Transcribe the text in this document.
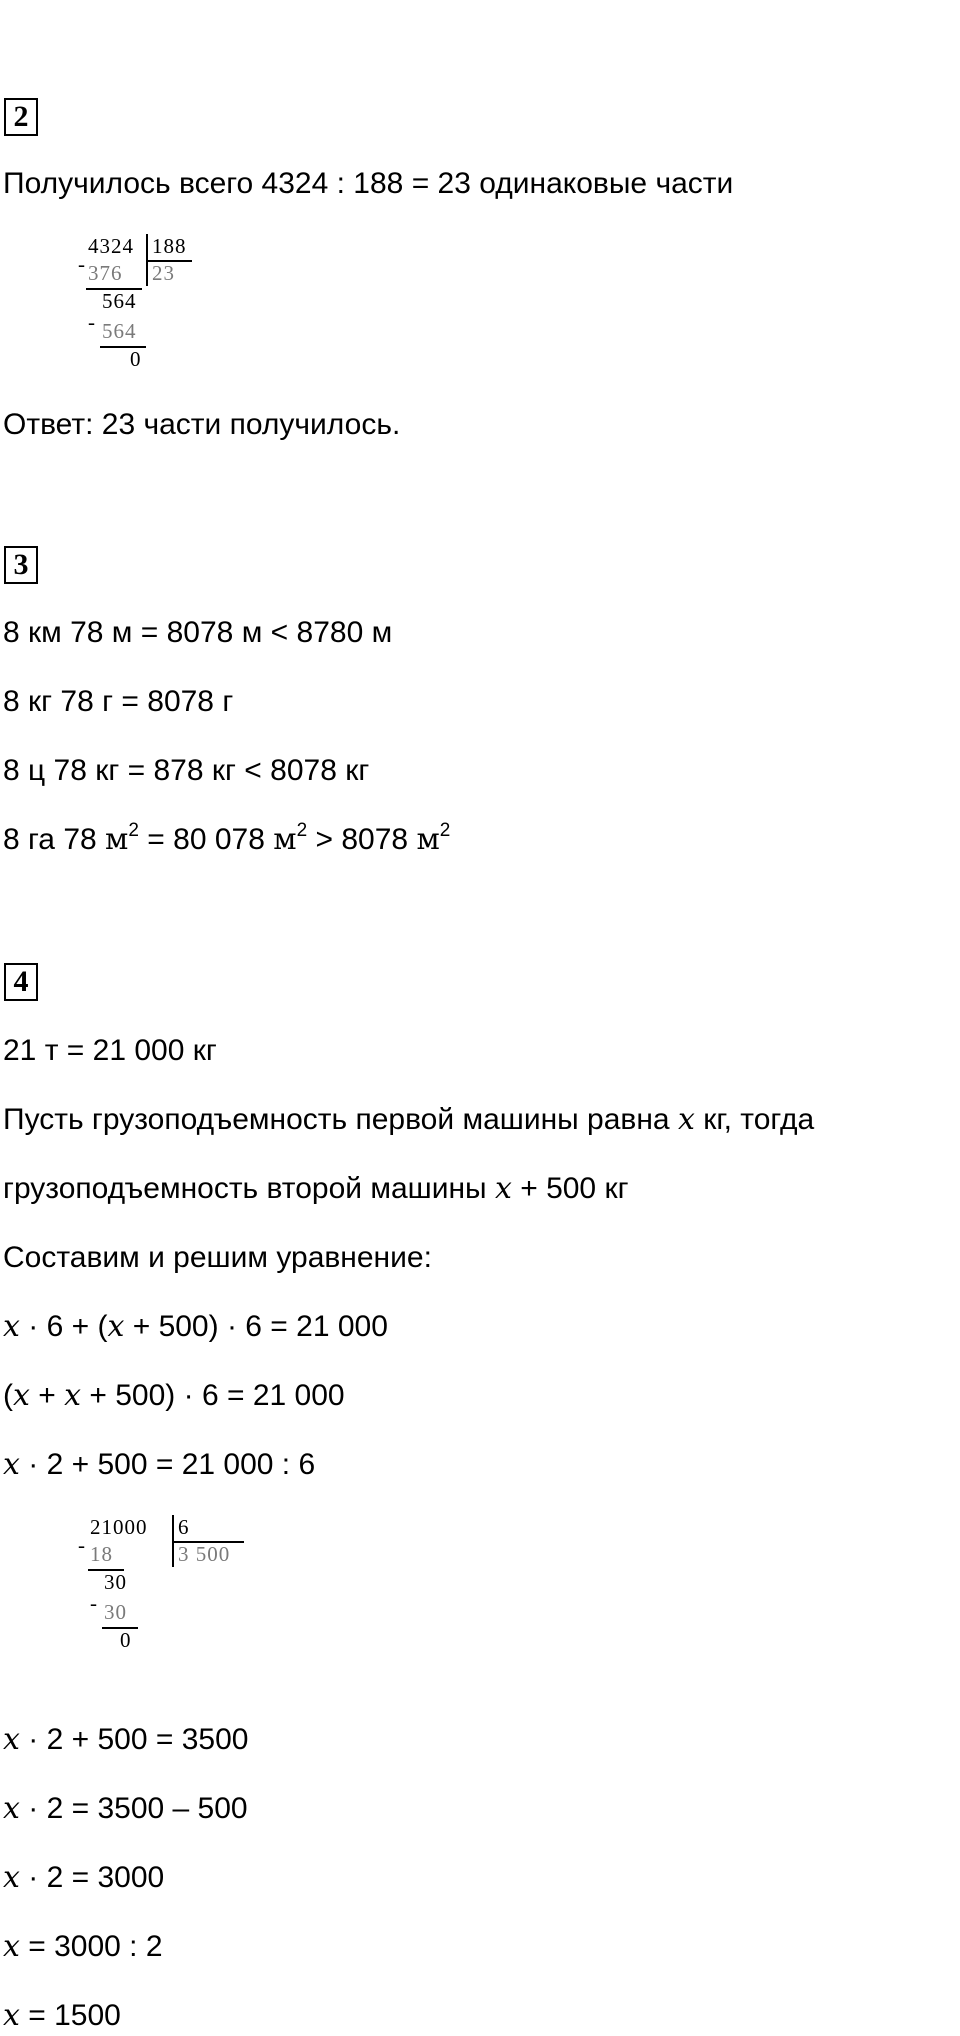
2
Получилось всего 4324 : 188 = 23 одинаковые части
4324 188
23
- 376
564
- 564
0
Ответ: 23 части получилось.
3
8 км 78 м = 8078 м < 8780 м
8 кг 78 г = 8078 г
8 ц 78 кг = 878 кг < 8078 кг
8 га 78 $м^2 = 80$ 078 $м^2 > 8078$ $м^2$
4
21 т = 21 000 кг
Пусть грузоподъемность первой машины равна 𝑥 кг, тогда
грузоподъемность второй машины 𝑥 + 500 кг
Составим и решим уравнение:
𝑥 · 6 + (𝑥 + 500) · 6 = 21 000
(𝑥 + 𝑥 + 500) · 6 = 21 000
𝑥 · 2 + 500 = 21 000 : 6
21000 6
3 500
- 18
30
- 30
0
𝑥 · 2 + 500 = 3500
𝑥 · 2 = 3500 – 500
𝑥 · 2 = 3000
𝑥 = 3000 : 2
𝑥 = 1500
